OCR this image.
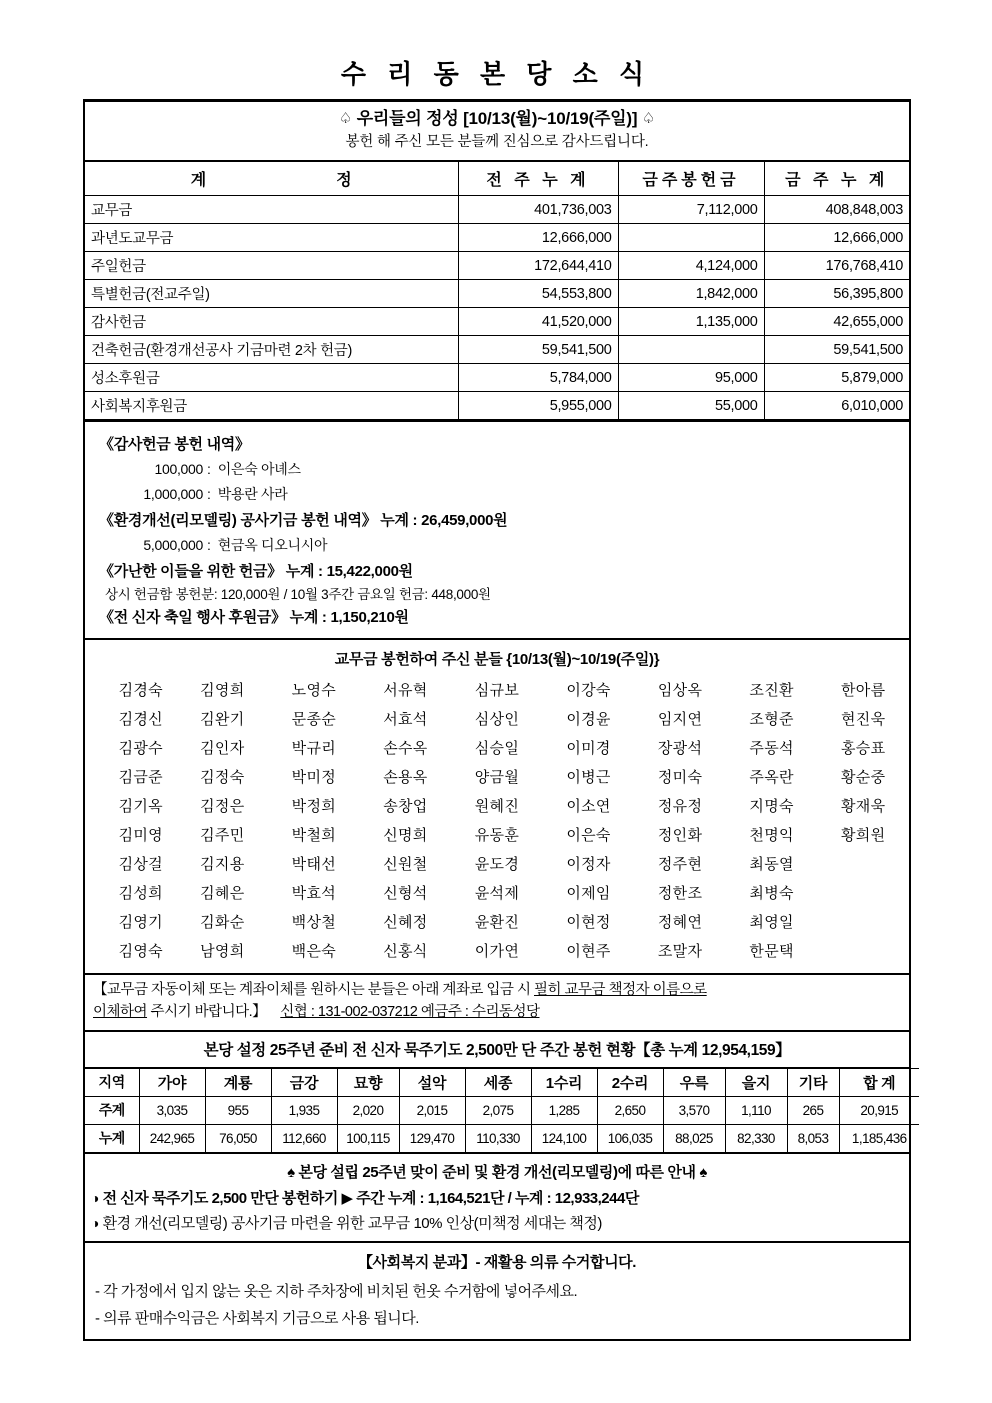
수 리 동 본 당 소 식
♤ 우리들의 정성 [10/13(월)~10/19(주일)] ♤
봉헌 해 주신 모든 분들께 진심으로 감사드립니다.
계 정	전 주 누 계	금주봉헌금	금 주 누 계
교무금	401,736,003	7,112,000	408,848,003
과년도교무금	12,666,000		12,666,000
주일헌금	172,644,410	4,124,000	176,768,410
특별헌금(전교주일)	54,553,800	1,842,000	56,395,800
감사헌금	41,520,000	1,135,000	42,655,000
건축헌금(환경개선공사 기금마련 2차 헌금)	59,541,500		59,541,500
성소후원금	5,784,000	95,000	5,879,000
사회복지후원금	5,955,000	55,000	6,010,000
《감사헌금 봉헌 내역》
100,000 : 이은숙 아녜스
1,000,000 : 박용란 사라
《환경개선(리모델링) 공사기금 봉헌 내역》 누계 : 26,459,000원
5,000,000 : 현금옥 디오니시아
《가난한 이들을 위한 헌금》 누계 : 15,422,000원
상시 헌금함 봉헌분: 120,000원 / 10월 3주간 금요일 헌금: 448,000원
《전 신자 축일 행사 후원금》 누계 : 1,150,210원
교무금 봉헌하여 주신 분들 {10/13(월)~10/19(주일)}
김경숙	김영희	노영수	서유혁	심규보	이강숙	임상옥	조진환	한아름
김경신	김완기	문종순	서효석	심상인	이경윤	임지연	조형준	현진욱
김광수	김인자	박규리	손수옥	심승일	이미경	장광석	주동석	홍승표
김금준	김정숙	박미정	손용옥	양금월	이병근	정미숙	주옥란	황순중
김기옥	김정은	박정희	송창업	원혜진	이소연	정유정	지명숙	황재욱
김미영	김주민	박철희	신명희	유동훈	이은숙	정인화	천명익	황희원
김상걸	김지용	박태선	신원철	윤도경	이정자	정주현	최동열	
김성희	김혜은	박효석	신형석	윤석제	이제임	정한조	최병숙	
김영기	김화순	백상철	신혜정	윤환진	이현정	정혜연	최영일	
김영숙	남영희	백은숙	신홍식	이가연	이현주	조말자	한문택	
【교무금 자동이체 또는 계좌이체를 원하시는 분들은 아래 계좌로 입금 시 필히 교무금 책정자 이름으로
이체하여 주시기 바랍니다.】 신협 : 131-002-037212 예금주 : 수리동성당
본당 설정 25주년 준비 전 신자 묵주기도 2,500만 단 주간 봉헌 현황【총 누계 12,954,159】
지역	가야	계룡	금강	묘향	설악	세종	1수리	2수리	우륵	을지	기타	합 계
주계	3,035	955	1,935	2,020	2,015	2,075	1,285	2,650	3,570	1,110	265	20,915
누계	242,965	76,050	112,660	100,115	129,470	110,330	124,100	106,035	88,025	82,330	8,053	1,185,436
♠ 본당 설립 25주년 맞이 준비 및 환경 개선(리모델링)에 따른 안내 ♠
◑ 전 신자 묵주기도 2,500 만단 봉헌하기 ▶ 주간 누계 : 1,164,521단 / 누계 : 12,933,244단
◑ 환경 개선(리모델링) 공사기금 마련을 위한 교무금 10% 인상(미책정 세대는 책정)
【사회복지 분과】- 재활용 의류 수거합니다.
- 각 가정에서 입지 않는 옷은 지하 주차장에 비치된 헌옷 수거함에 넣어주세요.
- 의류 판매수익금은 사회복지 기금으로 사용 됩니다.
